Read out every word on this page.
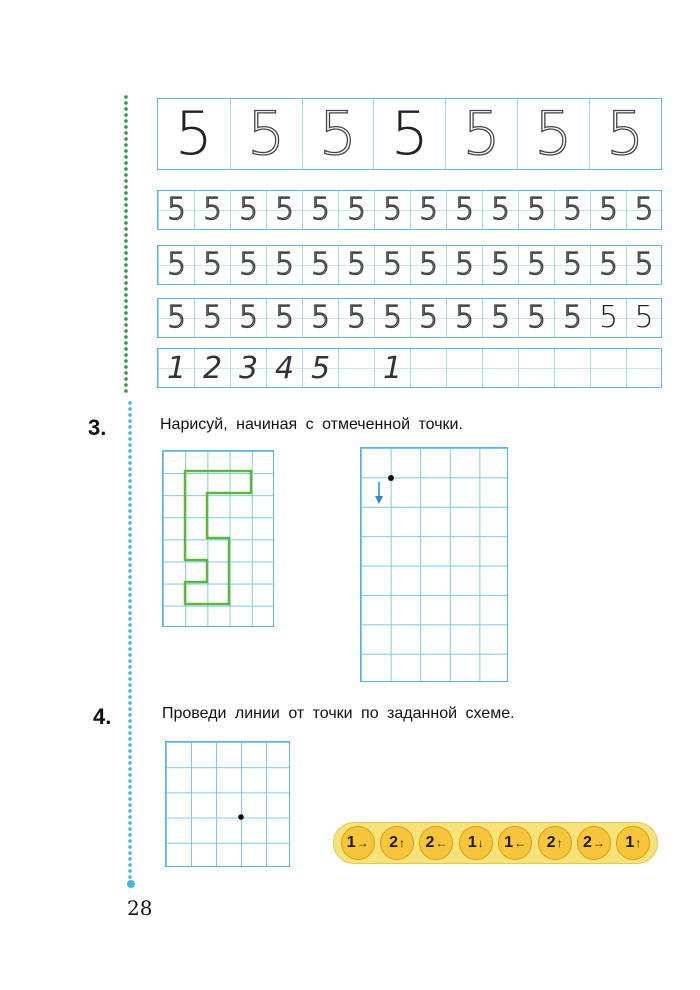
5 5 5 5 5 5 5
5 5 5 5 5 5 5 5 5 5 5 5 5 5
5 5 5 5 5 5 5 5 5 5 5 5 5 5
5 5 5 5 5 5 5 5 5 5 5 5 5 5
1 2 3 4 5 1
3.	Нарисуй, начиная с отмеченной точки.
4.	Проведи линии от точки по заданной схеме.
1 → 2 ↑ 2 ← 1 ↓ 1 ← 2 ↑ 2 → 1 ↑
28
